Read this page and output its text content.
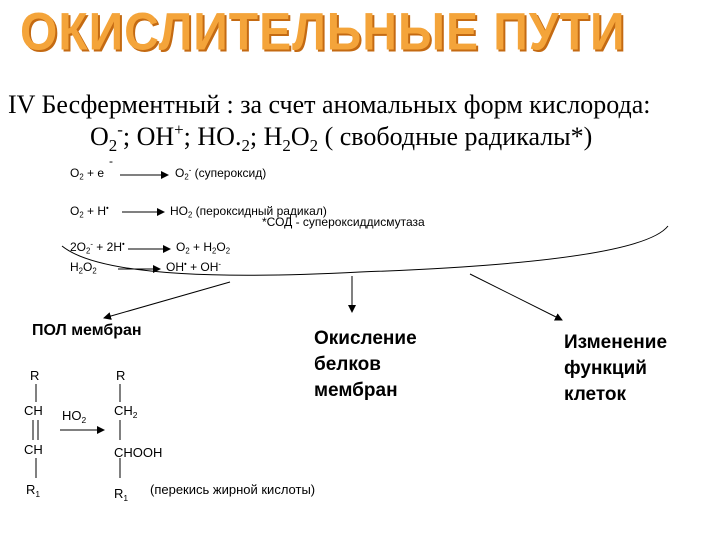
ОКИСЛИТЕЛЬНЫЕ ПУТИ
IV Бесферментный : за счет аномальных форм кислорода:
$O_2^-$; OH+; $HO._2$; $H_2O_2$ ( свободные радикалы*)
$O_2 + e$
-
$O_2^-$ (супероксид)
$O_2 + H^•$	$HO_2$ (пероксидный радикал)
*СОД - супероксиддисмутаза
$2O_2^- + 2H^•$	$O_2 + H_2O_2$
$H_2O_2$	OH• + OH-
ПОЛ мембран	Окисление
белков
мембран
Изменение
функций
клеток
R
CH
CH
$R_1$
$HO_2$
R
$CH_2$
CHOOH
$R_1$
(перекись жирной кислоты)
